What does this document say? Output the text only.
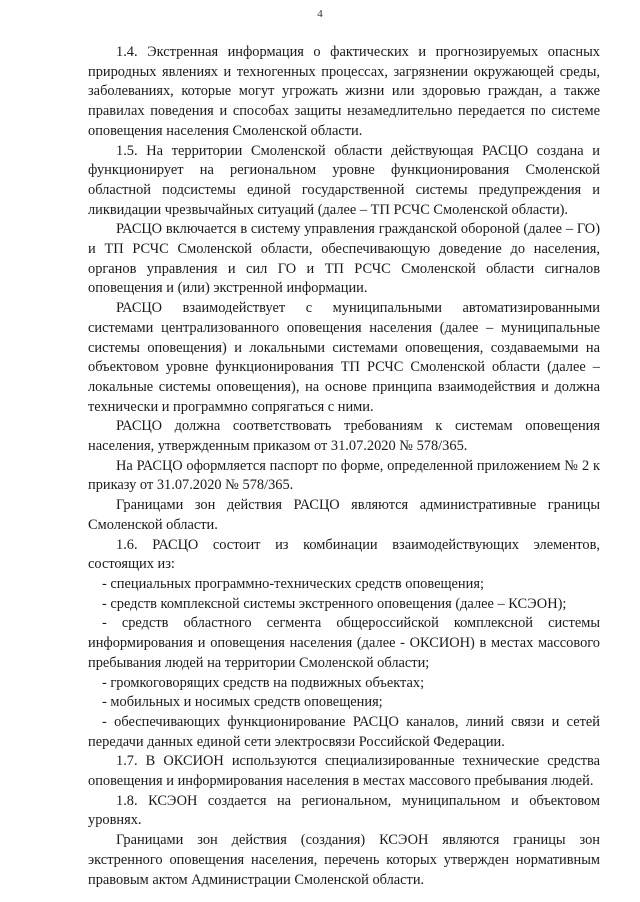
4

1.4. Экстренная информация о фактических и прогнозируемых опасных природных явлениях и техногенных процессах, загрязнении окружающей среды, заболеваниях, которые могут угрожать жизни или здоровью граждан, а также правилах поведения и способах защиты незамедлительно передается по системе оповещения населения Смоленской области.

1.5. На территории Смоленской области действующая РАСЦО создана и функционирует на региональном уровне функционирования Смоленской областной подсистемы единой государственной системы предупреждения и ликвидации чрезвычайных ситуаций (далее – ТП РСЧС Смоленской области).

РАСЦО включается в систему управления гражданской обороной (далее – ГО) и ТП РСЧС Смоленской области, обеспечивающую доведение до населения, органов управления и сил ГО и ТП РСЧС Смоленской области сигналов оповещения и (или) экстренной информации.

РАСЦО взаимодействует с муниципальными автоматизированными системами централизованного оповещения населения (далее – муниципальные системы оповещения) и локальными системами оповещения, создаваемыми на объектовом уровне функционирования ТП РСЧС Смоленской области (далее – локальные системы оповещения), на основе принципа взаимодействия и должна технически и программно сопрягаться с ними.

РАСЦО должна соответствовать требованиям к системам оповещения населения, утвержденным приказом от 31.07.2020 № 578/365.

На РАСЦО оформляется паспорт по форме, определенной приложением № 2 к приказу от 31.07.2020 № 578/365.

Границами зон действия РАСЦО являются административные границы Смоленской области.

1.6. РАСЦО состоит из комбинации взаимодействующих элементов, состоящих из:

- специальных программно-технических средств оповещения;

- средств комплексной системы экстренного оповещения (далее – КСЭОН);

- средств областного сегмента общероссийской комплексной системы информирования и оповещения населения (далее - ОКСИОН) в местах массового пребывания людей на территории Смоленской области;

- громкоговорящих средств на подвижных объектах;

- мобильных и носимых средств оповещения;

- обеспечивающих функционирование РАСЦО каналов, линий связи и сетей передачи данных единой сети электросвязи Российской Федерации.

1.7. В ОКСИОН используются специализированные технические средства оповещения и информирования населения в местах массового пребывания людей.

1.8. КСЭОН создается на региональном, муниципальном и объектовом уровнях.

Границами зон действия (создания) КСЭОН являются границы зон экстренного оповещения населения, перечень которых утвержден нормативным правовым актом Администрации Смоленской области.
